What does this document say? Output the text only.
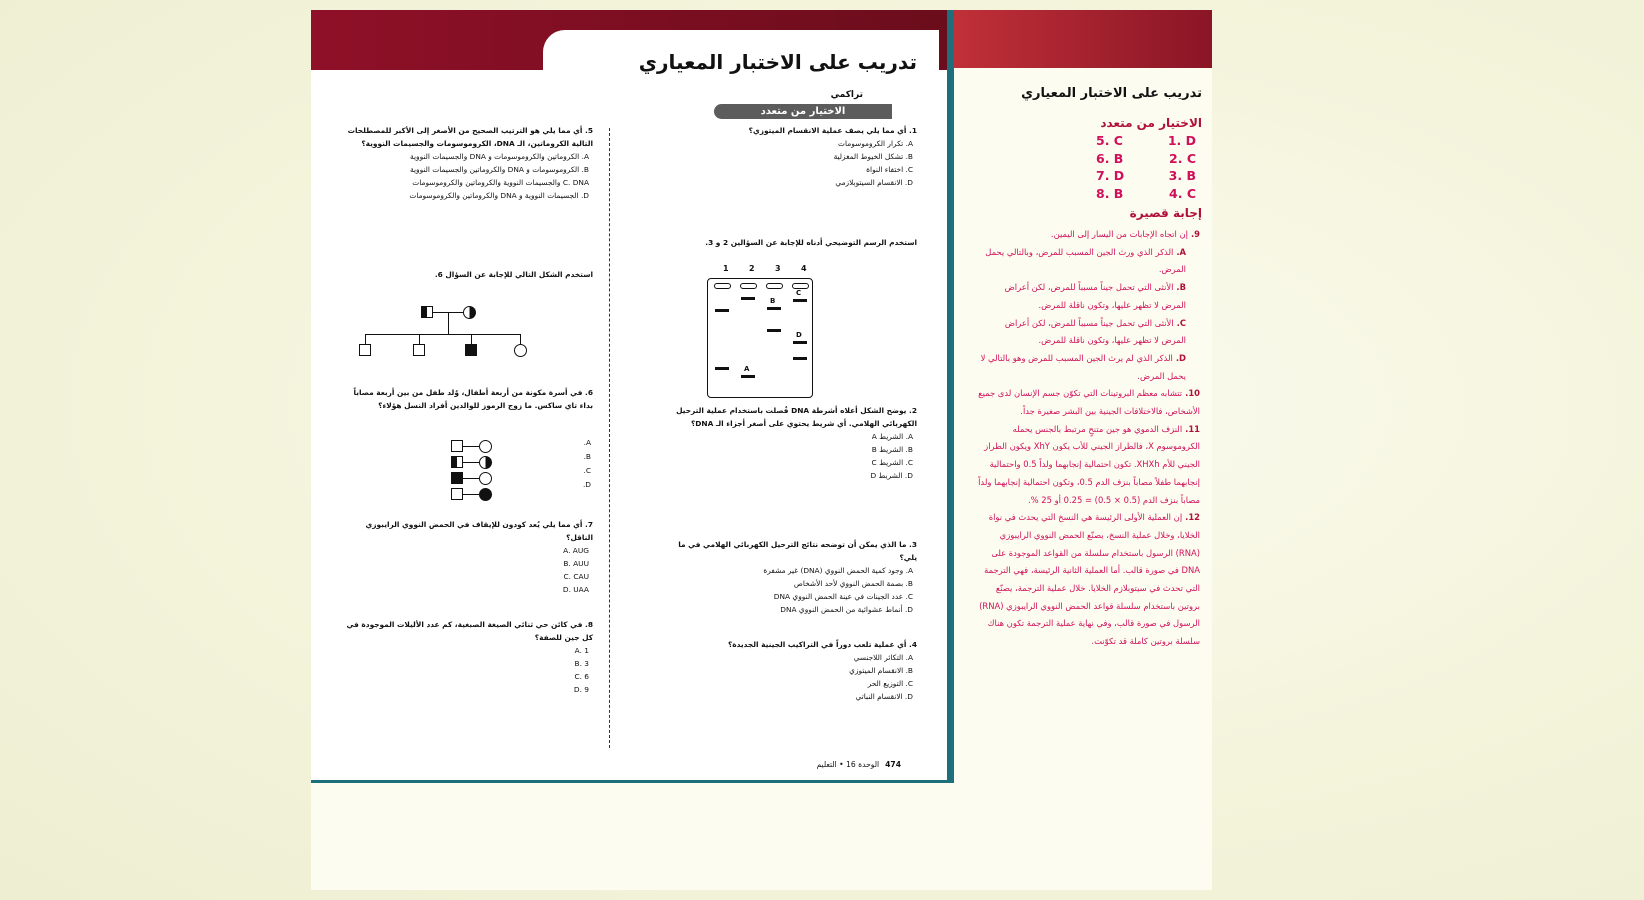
تدريب على الاختبار المعياري
تراكمي
الاختيار من متعدد
1. أي مما يلي يصف عملية الانقسام الميتوزي؟
A. تكرار الكروموسومات
B. تشكل الخيوط المغزلية
C. اختفاء النواة
D. الانقسام السيتوبلازمي
استخدم الرسم التوضيحي أدناه للإجابة عن السؤالين 2 و 3.
1	2	3	4
A
B
C
D
2. يوضح الشكل أعلاه أشرطة DNA فُصلت باستخدام عملية الترحيل الكهربائي الهلامي. أي شريط يحتوي على أصغر أجزاء الـ DNA؟
A. الشريط A
B. الشريط B
C. الشريط C
D. الشريط D
3. ما الذي يمكن أن توضحه نتائج الترحيل الكهربائي الهلامي في ما يلي؟
A. وجود كمية الحمض النووي (DNA) غير مشفرة
B. بصمة الحمض النووي لأحد الأشخاص
C. عدد الجينات في عينة الحمض النووي DNA
D. أنماط عشوائية من الحمض النووي DNA
4. أي عملية تلعب دوراً في التراكيب الجينية الجديدة؟
A. التكاثر اللاجنسي
B. الانقسام الميتوزي
C. التوزيع الحر
D. الانقسام النباتي
5. أي مما يلي هو الترتيب الصحيح من الأصغر إلى الأكبر للمصطلحات التالية الكروماتين، الـ DNA، الكروموسومات والجسيمات النووية؟
A. الكروماتين والكروموسومات و DNA والجسيمات النووية
B. الكروموسومات و DNA والكروماتين والجسيمات النووية
C. DNA والجسيمات النووية والكروماتين والكروموسومات
D. الجسيمات النووية و DNA والكروماتين والكروموسومات
استخدم الشكل التالي للإجابة عن السؤال 6.
6. في أسرة مكونة من أربعة أطفال، وُلد طفل من بين أربعة مصاباً بداء تاي ساكس. ما زوج الرموز للوالدين أفراد النسل هؤلاء؟
A.
B.
C.
D.
7. أي مما يلي يُعد كودون للإيقاف في الحمض النووي الرايبوزي الناقل؟
A. AUG
B. AUU
C. CAU
D. UAA
8. في كائن حي ثنائي الصيغة الصبغية، كم عدد الأليلات الموجودة في كل جين للصفة؟
A. 1
B. 3
C. 6
D. 9
474الوحدة 16 • التعليم
تدريب على الاختبار المعياري
الاختيار من متعدد
5. C	1. D
6. B	2. C
7. D	3. B
8. B	4. C
إجابة قصيرة

9.إن اتجاه الإجابات من اليسار إلى اليمين.

A.الذكر الذي ورث الجين المسبب للمرض، وبالتالي يحمل المرض.

B.الأنثى التي تحمل جيناً مسبباً للمرض، لكن أعراض المرض لا تظهر عليها، وتكون ناقلة للمرض.

C.الأنثى التي تحمل جيناً مسبباً للمرض، لكن أعراض المرض لا تظهر عليها، وتكون ناقلة للمرض.

D.الذكر الذي لم يرث الجين المسبب للمرض وهو بالتالي لا يحمل المرض.

10.تتشابه معظم البروتينات التي تكوّن جسم الإنسان لدى جميع الأشخاص، فالاختلافات الجينية بين البشر صغيرة جداً.

11.النزف الدموي هو جين متنحٍ مرتبط بالجنس يحمله الكروموسوم X، فالطراز الجيني للأب يكون XhY ويكون الطراز الجيني للأم XHXh. تكون احتمالية إنجابهما ولداً 0.5 واحتمالية إنجابهما طفلاً مصاباً بنزف الدم 0.5، وتكون احتمالية إنجابهما ولداً مصاباً بنزف الدم (0.5 × 0.5) = 0.25 أو 25 %.

12.إن العملية الأولى الرئيسة هي النسخ التي يحدث في نواة الخلايا، وخلال عملية النسخ، يصنّع الحمض النووي الرايبوزي (RNA) الرسول باستخدام سلسلة من القواعد الموجودة على DNA في صورة قالب. أما العملية الثانية الرئيسة، فهي الترجمة التي تحدث في سيتوبلازم الخلايا. خلال عملية الترجمة، يصنّع بروتين باستخدام سلسلة قواعد الحمض النووي الرايبوزي (RNA) الرسول في صورة قالب، وفي نهاية عملية الترجمة تكون هناك سلسلة بروتين كاملة قد تكوّنت.
